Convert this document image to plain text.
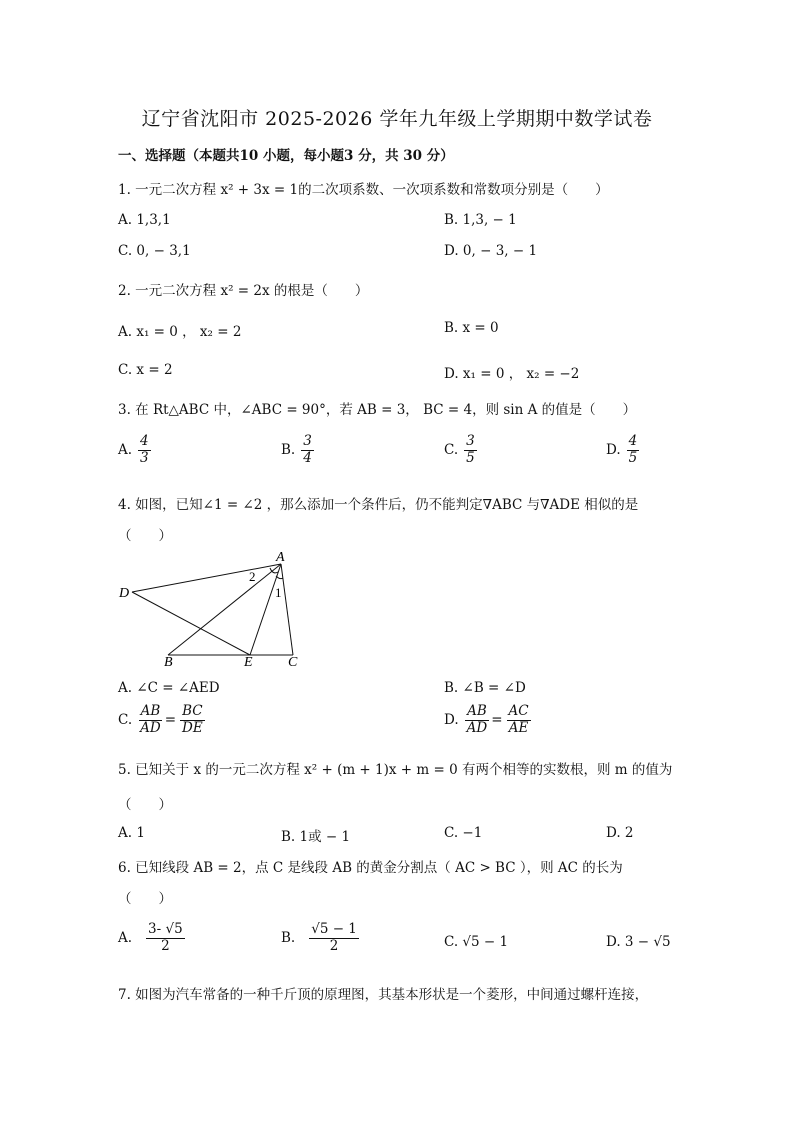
辽宁省沈阳市 2025-2026 学年九年级上学期期中数学试卷
一、选择题（本题共10 小题，每小题3 分，共 30 分）
1. 一元二次方程 x² + 3x = 1的二次项系数、一次项系数和常数项分别是（　　）
A. 1,3,1	B. 1,3, − 1
C. 0, − 3,1	D. 0, − 3, − 1
2. 一元二次方程 x² = 2x 的根是（　　）
A. x₁ = 0 ， x₂ = 2	B. x = 0
C. x = 2	D. x₁ = 0 ， x₂ = −2
3. 在 Rt△ABC 中，∠ABC = 90°，若 AB = 3， BC = 4，则 sin A 的值是（　　）
A. $\frac{4}{3}$	B. $\frac{3}{4}$	C. $\frac{3}{5}$	D. $\frac{4}{5}$
4. 如图，已知∠1 = ∠2 ，那么添加一个条件后，仍不能判定∇ABC 与∇ADE 相似的是
（　　）
A
D
B	E	C
1
2
A. ∠C = ∠AED	B. ∠B = ∠D
C. $\frac{AB}{AD} = \frac{BC}{DE}$	D. $\frac{AB}{AD} = \frac{AC}{AE}$
5. 已知关于 x 的一元二次方程 x² + (m + 1)x + m = 0 有两个相等的实数根，则 m 的值为
（　　）
A. 1	B. 1或 − 1	C. −1	D. 2
6. 已知线段 AB = 2，点 C 是线段 AB 的黄金分割点（ AC > BC ），则 AC 的长为
（　　）
A. $\frac{3- √5}{2}$	B. $\frac{√5 - 1}{2}$	C. √5 − 1	D. 3 − √5
7. 如图为汽车常备的一种千斤顶的原理图，其基本形状是一个菱形，中间通过螺杆连接，
